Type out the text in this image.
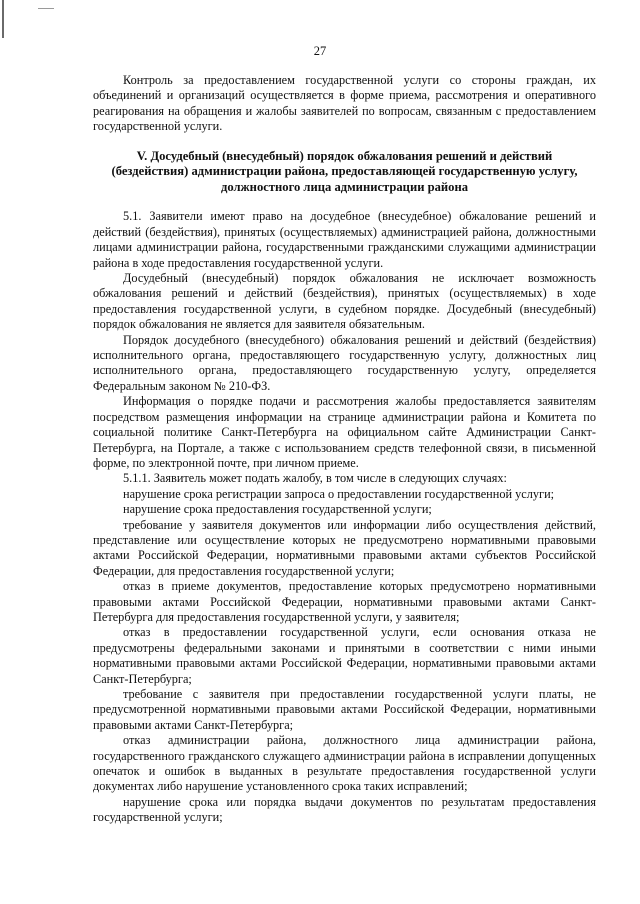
27

Контроль за предоставлением государственной услуги со стороны граждан, их объединений и организаций осуществляется в форме приема, рассмотрения и оперативного реагирования на обращения и жалобы заявителей по вопросам, связанным с предоставлением государственной услуги.

V. Досудебный (внесудебный) порядок обжалования решений и действий
(бездействия) администрации района, предоставляющей государственную услугу,
должностного лица администрации района

5.1. Заявители имеют право на досудебное (внесудебное) обжалование решений и действий (бездействия), принятых (осуществляемых) администрацией района, должностными лицами администрации района, государственными гражданскими служащими администрации района в ходе предоставления государственной услуги.

Досудебный (внесудебный) порядок обжалования не исключает возможность обжалования решений и действий (бездействия), принятых (осуществляемых) в ходе предоставления государственной услуги, в судебном порядке. Досудебный (внесудебный) порядок обжалования не является для заявителя обязательным.

Порядок досудебного (внесудебного) обжалования решений и действий (бездействия) исполнительного органа, предоставляющего государственную услугу, должностных лиц исполнительного органа, предоставляющего государственную услугу, определяется Федеральным законом № 210-ФЗ.

Информация о порядке подачи и рассмотрения жалобы предоставляется заявителям посредством размещения информации на странице администрации района и Комитета по социальной политике Санкт-Петербурга на официальном сайте Администрации Санкт-Петербурга, на Портале, а также с использованием средств телефонной связи, в письменной форме, по электронной почте, при личном приеме.

5.1.1. Заявитель может подать жалобу, в том числе в следующих случаях:

нарушение срока регистрации запроса о предоставлении государственной услуги;

нарушение срока предоставления государственной услуги;

требование у заявителя документов или информации либо осуществления действий, представление или осуществление которых не предусмотрено нормативными правовыми актами Российской Федерации, нормативными правовыми актами субъектов Российской Федерации, для предоставления государственной услуги;

отказ в приеме документов, предоставление которых предусмотрено нормативными правовыми актами Российской Федерации, нормативными правовыми актами Санкт-Петербурга для предоставления государственной услуги, у заявителя;

отказ в предоставлении государственной услуги, если основания отказа не предусмотрены федеральными законами и принятыми в соответствии с ними иными нормативными правовыми актами Российской Федерации, нормативными правовыми актами Санкт-Петербурга;

требование с заявителя при предоставлении государственной услуги платы, не предусмотренной нормативными правовыми актами Российской Федерации, нормативными правовыми актами Санкт-Петербурга;

отказ администрации района, должностного лица администрации района, государственного гражданского служащего администрации района в исправлении допущенных опечаток и ошибок в выданных в результате предоставления государственной услуги документах либо нарушение установленного срока таких исправлений;

нарушение срока или порядка выдачи документов по результатам предоставления государственной услуги;
